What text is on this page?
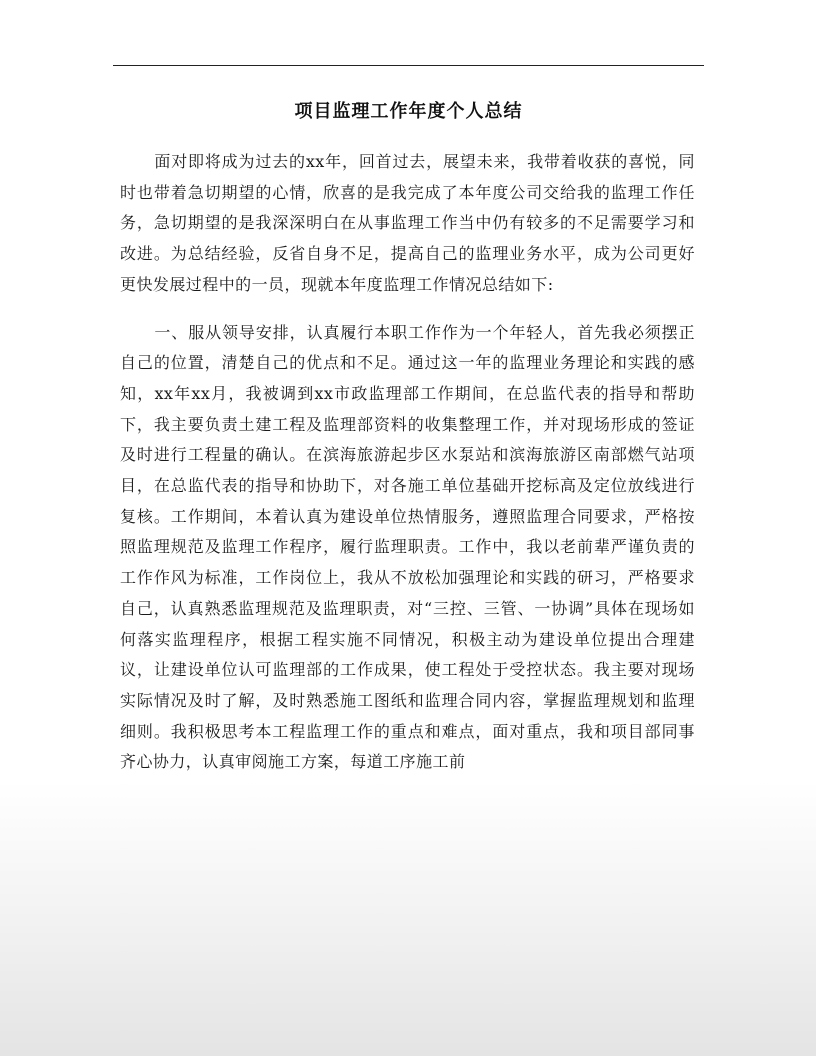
项目监理工作年度个人总结

面对即将成为过去的xx年，回首过去，展望未来，我带着收获的喜悦，同时也带着急切期望的心情，欣喜的是我完成了本年度公司交给我的监理工作任务，急切期望的是我深深明白在从事监理工作当中仍有较多的不足需要学习和改进。为总结经验，反省自身不足，提高自己的监理业务水平，成为公司更好更快发展过程中的一员，现就本年度监理工作情况总结如下:

一、服从领导安排，认真履行本职工作作为一个年轻人，首先我必须摆正自己的位置，清楚自己的优点和不足。通过这一年的监理业务理论和实践的感知，xx年xx月，我被调到xx市政监理部工作期间，在总监代表的指导和帮助下，我主要负责土建工程及监理部资料的收集整理工作，并对现场形成的签证及时进行工程量的确认。在滨海旅游起步区水泵站和滨海旅游区南部燃气站项目，在总监代表的指导和协助下，对各施工单位基础开挖标高及定位放线进行复核。工作期间，本着认真为建设单位热情服务，遵照监理合同要求，严格按照监理规范及监理工作程序，履行监理职责。工作中，我以老前辈严谨负责的工作作风为标准，工作岗位上，我从不放松加强理论和实践的研习，严格要求自己，认真熟悉监理规范及监理职责，对“三控、三管、一协调”具体在现场如何落实监理程序，根据工程实施不同情况，积极主动为建设单位提出合理建议，让建设单位认可监理部的工作成果，使工程处于受控状态。我主要对现场实际情况及时了解，及时熟悉施工图纸和监理合同内容，掌握监理规划和监理细则。我积极思考本工程监理工作的重点和难点，面对重点，我和项目部同事齐心协力，认真审阅施工方案，每道工序施工前
